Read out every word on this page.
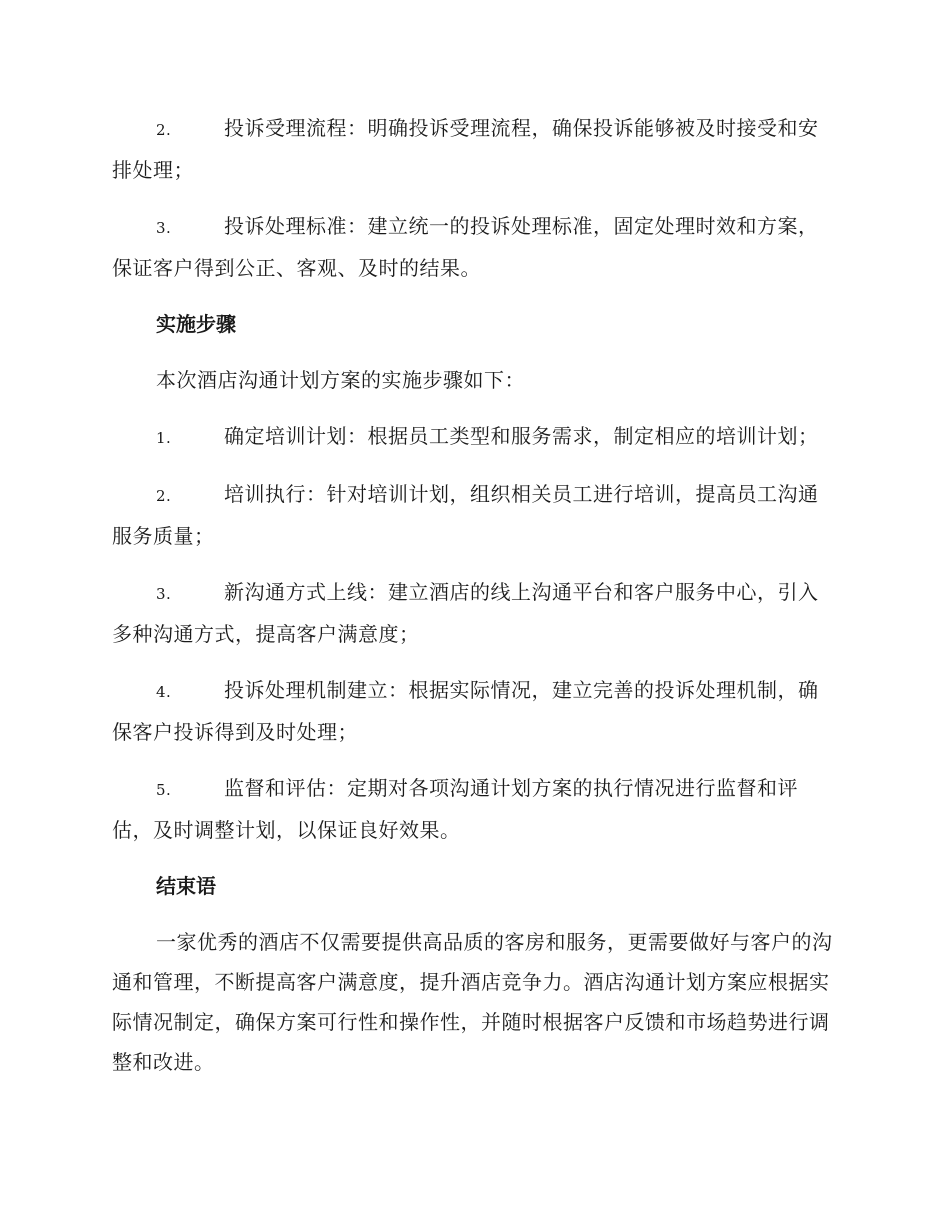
2.	投诉受理流程：明确投诉受理流程，确保投诉能够被及时接受和安排处理；

3.	投诉处理标准：建立统一的投诉处理标准，固定处理时效和方案，保证客户得到公正、客观、及时的结果。

实施步骤

本次酒店沟通计划方案的实施步骤如下：

1.	确定培训计划：根据员工类型和服务需求，制定相应的培训计划；

2.	培训执行：针对培训计划，组织相关员工进行培训，提高员工沟通服务质量；

3.	新沟通方式上线：建立酒店的线上沟通平台和客户服务中心，引入多种沟通方式，提高客户满意度；

4.	投诉处理机制建立：根据实际情况，建立完善的投诉处理机制，确保客户投诉得到及时处理；

5.	监督和评估：定期对各项沟通计划方案的执行情况进行监督和评估，及时调整计划，以保证良好效果。

结束语

一家优秀的酒店不仅需要提供高品质的客房和服务，更需要做好与客户的沟通和管理，不断提高客户满意度，提升酒店竞争力。酒店沟通计划方案应根据实际情况制定，确保方案可行性和操作性，并随时根据客户反馈和市场趋势进行调整和改进。
